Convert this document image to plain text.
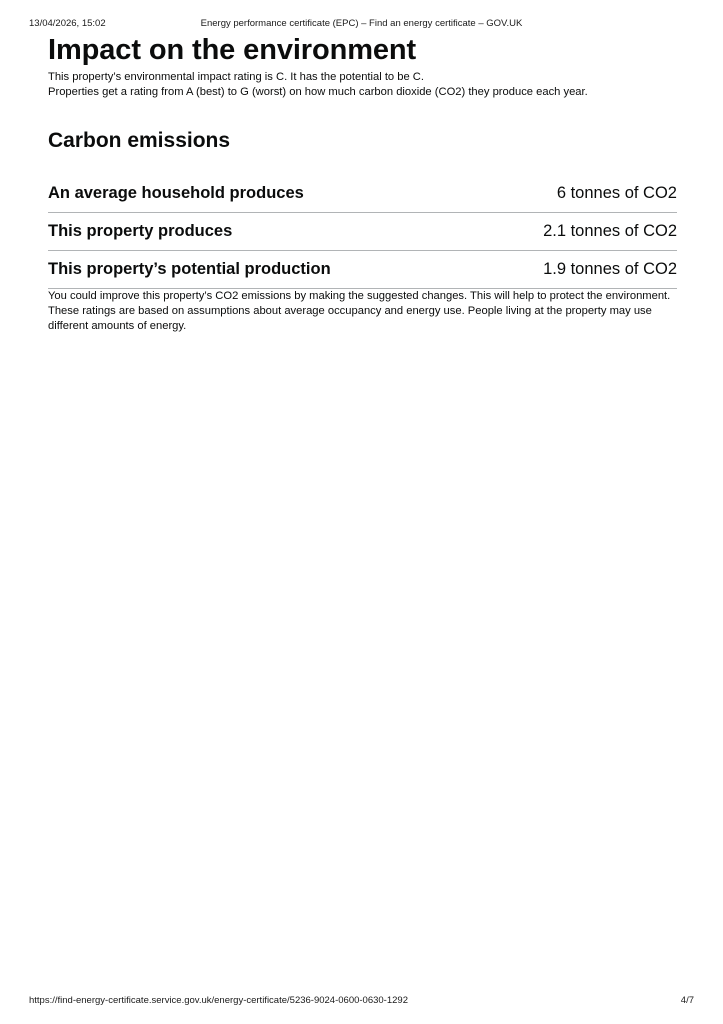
13/04/2026, 15:02	Energy performance certificate (EPC) – Find an energy certificate – GOV.UK
Impact on the environment

This property’s environmental impact rating is C. It has the potential to be C.

Properties get a rating from A (best) to G (worst) on how much carbon dioxide (CO2) they produce each year.

Carbon emissions
An average household produces	6 tonnes of CO2
This property produces	2.1 tonnes of CO2
This property’s potential production	1.9 tonnes of CO2

You could improve this property’s CO2 emissions by making the suggested changes. This will help to protect the environment.

These ratings are based on assumptions about average occupancy and energy use. People living at the property may use different amounts of energy.

https://find-energy-certificate.service.gov.uk/energy-certificate/5236-9024-0600-0630-1292	4/7
